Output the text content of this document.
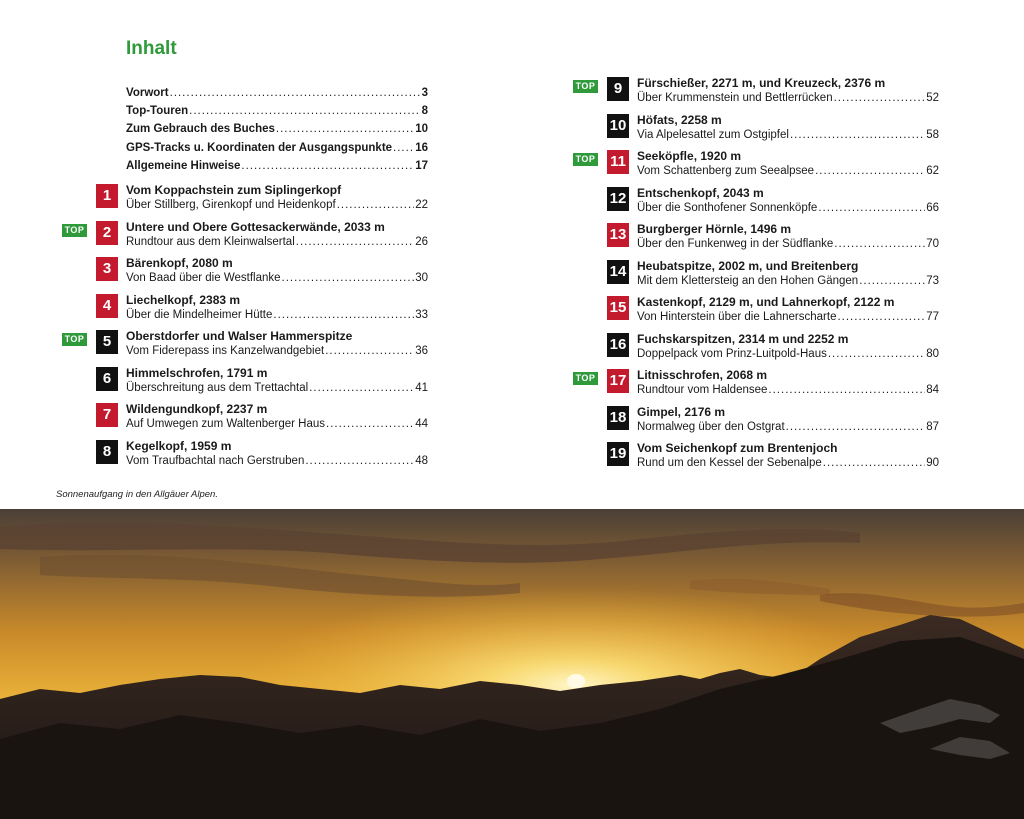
Inhalt
Vorwort .....	3
Top-Touren .....	8
Zum Gebrauch des Buches .....	10
GPS-Tracks u. Koordinaten der Ausgangspunkte ..... 16
Allgemeine Hinweise .....	17
1	Vom Koppachstein zum Siplingerkopf
Über Stillberg, Girenkopf und Heidenkopf .....	22
TOP	2	Untere und Obere Gottesackerwände, 2033 m
Rundtour aus dem Kleinwalsertal .....	26
3	Bärenkopf, 2080 m
Von Baad über die Westflanke .....	30
4	Liechelkopf, 2383 m
Über die Mindelheimer Hütte .....	33
TOP	5	Oberstdorfer und Walser Hammerspitze
Vom Fiderepass ins Kanzelwandgebiet .....	36
6	Himmelschrofen, 1791 m
Überschreitung aus dem Trettachtal .....	41
7	Wildengundkopf, 2237 m
Auf Umwegen zum Waltenberger Haus .....	44
8	Kegelkopf, 1959 m
Vom Traufbachtal nach Gerstruben .....	48
TOP	9	Fürschießer, 2271 m, und Kreuzeck, 2376 m
Über Krummenstein und Bettlerrücken .....	52
10 Höfats, 2258 m
Via Alpelesattel zum Ostgipfel .....	58
TOP 11 Seeköpfle, 1920 m
Vom Schattenberg zum Seealpsee .....	62
12 Entschenkopf, 2043 m
Über die Sonthofener Sonnenköpfe .....	66
13 Burgberger Hörnle, 1496 m
Über den Funkenweg in der Südflanke .....	70
14 Heubatspitze, 2002 m, und Breitenberg
Mit dem Klettersteig an den Hohen Gängen .....	73
15 Kastenkopf, 2129 m, und Lahnerkopf, 2122 m
Von Hinterstein über die Lahnerscharte .....	77
16 Fuchskarspitzen, 2314 m und 2252 m
Doppelpack vom Prinz-Luitpold-Haus .....	80
TOP 17 Litnisschrofen, 2068 m
Rundtour vom Haldensee .....	84
18 Gimpel, 2176 m
Normalweg über den Ostgrat .....	87
19 Vom Seichenkopf zum Brentenjoch
Rund um den Kessel der Sebenalpe .....	90

Sonnenaufgang in den Allgäuer Alpen.
